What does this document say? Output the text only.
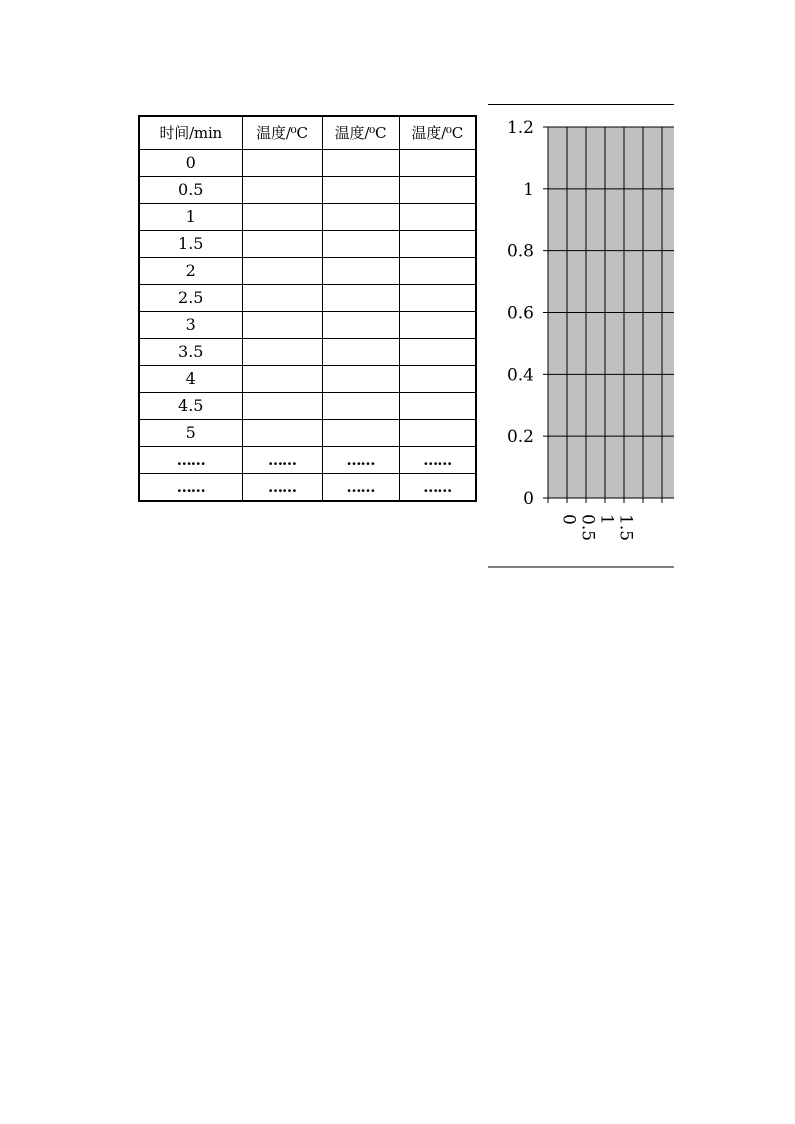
时间/min	温度/⁰C	温度/⁰C	温度/⁰C
0			
0.5			
1			
1.5			
2			
2.5			
3			
3.5			
4			
4.5			
5			
……	……	……	……
……	……	……	……
1.2
1
0.8
0.6
0.4
0.2
0
0 0.5 1 1.5
